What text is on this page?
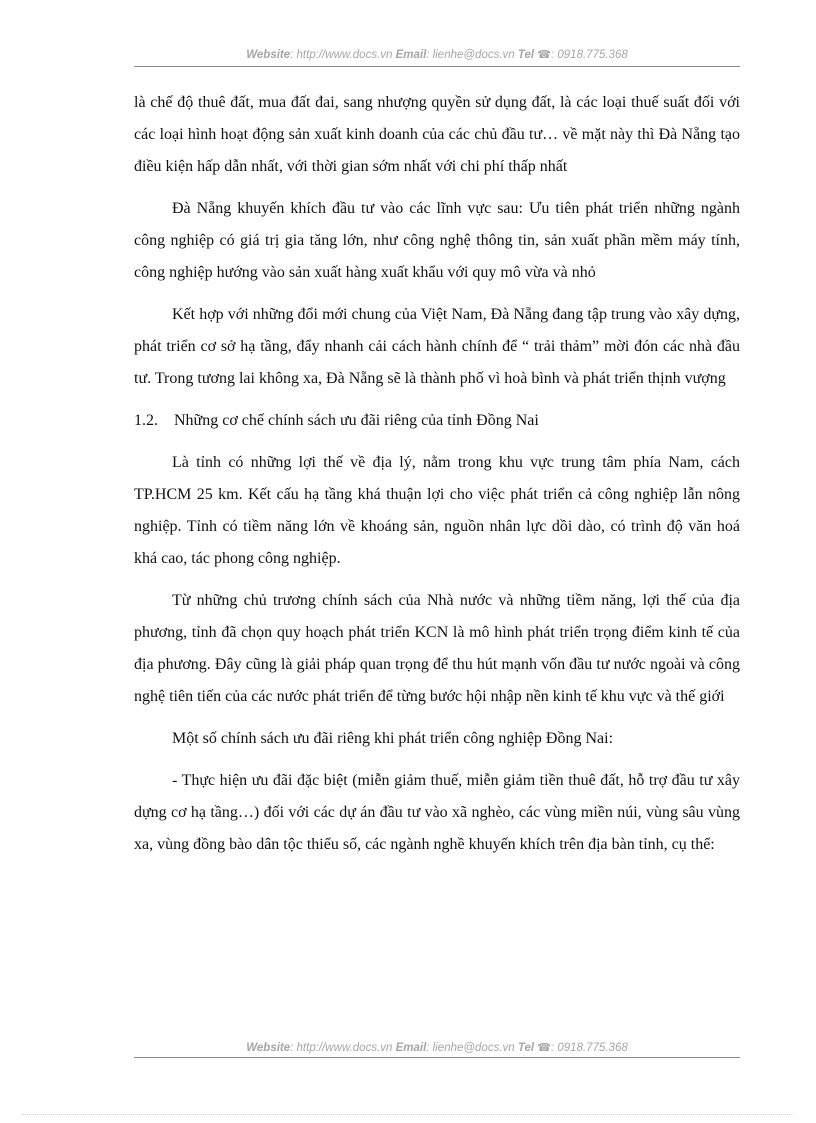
Website: http://www.docs.vn Email: lienhe@docs.vn Tel ☎: 0918.775.368

là chế độ thuê đất, mua đất đai, sang nhượng quyền sử dụng đất, là các loại thuế suất đối với các loại hình hoạt động sản xuất kinh doanh của các chủ đầu tư… về mặt này thì Đà Nẵng tạo điều kiện hấp dẫn nhất, với thời gian sớm nhất với chi phí thấp nhất

Đà Nẵng khuyến khích đầu tư vào các lĩnh vực sau: Ưu tiên phát triển những ngành công nghiệp có giá trị gia tăng lớn, như công nghệ thông tin, sản xuất phần mềm máy tính, công nghiệp hướng vào sản xuất hàng xuất khẩu với quy mô vừa và nhỏ

Kết hợp với những đổi mới chung của Việt Nam, Đà Nẵng đang tập trung vào xây dựng, phát triển cơ sở hạ tầng, đẩy nhanh cải cách hành chính để “ trải thảm” mời đón các nhà đầu tư. Trong tương lai không xa, Đà Nẵng sẽ là thành phố vì hoà bình và phát triển thịnh vượng

1.2.	Những cơ chế chính sách ưu đãi riêng của tỉnh Đồng Nai

Là tỉnh có những lợi thế về địa lý, nằm trong khu vực trung tâm phía Nam, cách TP.HCM 25 km. Kết cấu hạ tầng khá thuận lợi cho việc phát triển cả công nghiệp lẫn nông nghiệp. Tỉnh có tiềm năng lớn về khoáng sản, nguồn nhân lực dồi dào, có trình độ văn hoá khá cao, tác phong công nghiệp.

Từ những chủ trương chính sách của Nhà nước và những tiềm năng, lợi thế của địa phương, tỉnh đã chọn quy hoạch phát triển KCN là mô hình phát triển trọng điểm kinh tế của địa phương. Đây cũng là giải pháp quan trọng để thu hút mạnh vốn đầu tư nước ngoài và công nghệ tiên tiến của các nước phát triển để từng bước hội nhập nền kinh tế khu vực và thế giới

Một số chính sách ưu đãi riêng khi phát triển công nghiệp Đồng Nai:

- Thực hiện ưu đãi đặc biệt (miễn giảm thuế, miễn giảm tiền thuê đất, hỗ trợ đầu tư xây dựng cơ hạ tầng…) đối với các dự án đầu tư vào xã nghèo, các vùng miền núi, vùng sâu vùng xa, vùng đồng bào dân tộc thiểu số, các ngành nghề khuyến khích trên địa bàn tỉnh, cụ thể:

Website: http://www.docs.vn Email: lienhe@docs.vn Tel ☎: 0918.775.368
